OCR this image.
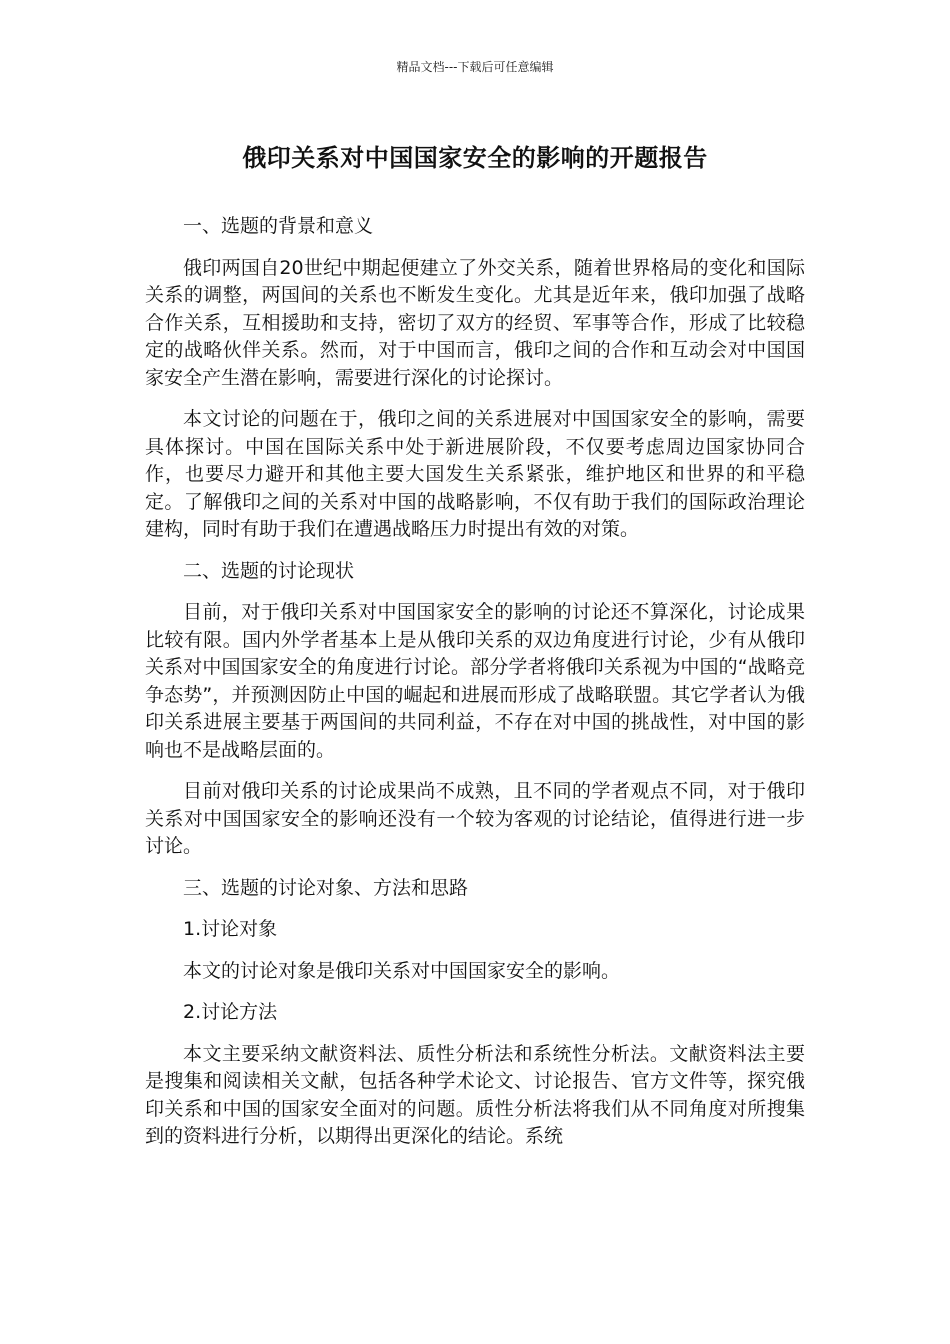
精品文档---下载后可任意编辑
俄印关系对中国国家安全的影响的开题报告

一、选题的背景和意义

俄印两国自20世纪中期起便建立了外交关系，随着世界格局的变化和国际关系的调整，两国间的关系也不断发生变化。尤其是近年来，俄印加强了战略合作关系，互相援助和支持，密切了双方的经贸、军事等合作，形成了比较稳定的战略伙伴关系。然而，对于中国而言，俄印之间的合作和互动会对中国国家安全产生潜在影响，需要进行深化的讨论探讨。

本文讨论的问题在于，俄印之间的关系进展对中国国家安全的影响，需要具体探讨。中国在国际关系中处于新进展阶段，不仅要考虑周边国家协同合作，也要尽力避开和其他主要大国发生关系紧张，维护地区和世界的和平稳定。了解俄印之间的关系对中国的战略影响，不仅有助于我们的国际政治理论建构，同时有助于我们在遭遇战略压力时提出有效的对策。

二、选题的讨论现状

目前，对于俄印关系对中国国家安全的影响的讨论还不算深化，讨论成果比较有限。国内外学者基本上是从俄印关系的双边角度进行讨论，少有从俄印关系对中国国家安全的角度进行讨论。部分学者将俄印关系视为中国的“战略竞争态势”，并预测因防止中国的崛起和进展而形成了战略联盟。其它学者认为俄印关系进展主要基于两国间的共同利益，不存在对中国的挑战性，对中国的影响也不是战略层面的。

目前对俄印关系的讨论成果尚不成熟，且不同的学者观点不同，对于俄印关系对中国国家安全的影响还没有一个较为客观的讨论结论，值得进行进一步讨论。

三、选题的讨论对象、方法和思路

1.讨论对象

本文的讨论对象是俄印关系对中国国家安全的影响。

2.讨论方法

本文主要采纳文献资料法、质性分析法和系统性分析法。文献资料法主要是搜集和阅读相关文献，包括各种学术论文、讨论报告、官方文件等，探究俄印关系和中国的国家安全面对的问题。质性分析法将我们从不同角度对所搜集到的资料进行分析，以期得出更深化的结论。系统
